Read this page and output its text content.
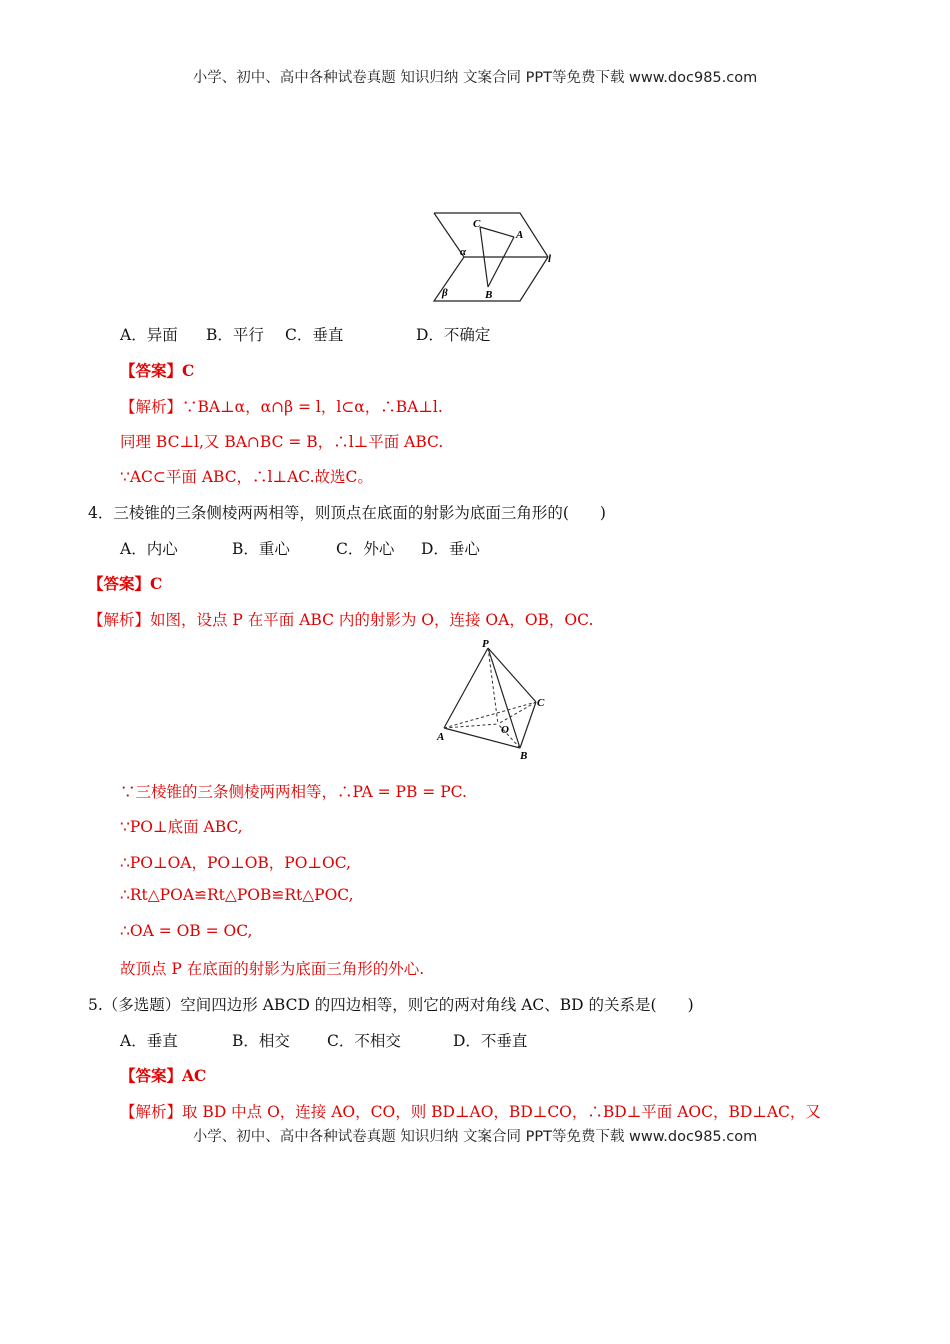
小学、初中、高中各种试卷真题 知识归纳 文案合同 PPT等免费下载 www.doc985.com
C
A
α
l
β	B
A．异面 B．平行 C．垂直	D．不确定
【答案】C
【解析】∵BA⊥α，α∩β = l，l⊂α，∴BA⊥l.
同理 BC⊥l,又 BA∩BC = B，∴l⊥平面 ABC.
∵AC⊂平面 ABC，∴l⊥AC.故选C。
4．三棱锥的三条侧棱两两相等，则顶点在底面的射影为底面三角形的(　　)
A．内心	B．重心	C．外心 D．垂心
【答案】C
【解析】如图，设点 P 在平面 ABC 内的射影为 O，连接 OA，OB，OC.
P
C
A
O
B
∵三棱锥的三条侧棱两两相等，∴PA = PB = PC.
∵PO⊥底面 ABC,
∴PO⊥OA，PO⊥OB，PO⊥OC,
∴Rt△POA≌Rt△POB≌Rt△POC,
∴OA = OB = OC,
故顶点 P 在底面的射影为底面三角形的外心.
5.（多选题）空间四边形 ABCD 的四边相等，则它的两对角线 AC、BD 的关系是(　　)
A．垂直	B．相交 C．不相交	D．不垂直
【答案】AC
【解析】取 BD 中点 O，连接 AO，CO，则 BD⊥AO，BD⊥CO，∴BD⊥平面 AOC，BD⊥AC，又
小学、初中、高中各种试卷真题 知识归纳 文案合同 PPT等免费下载 www.doc985.com
